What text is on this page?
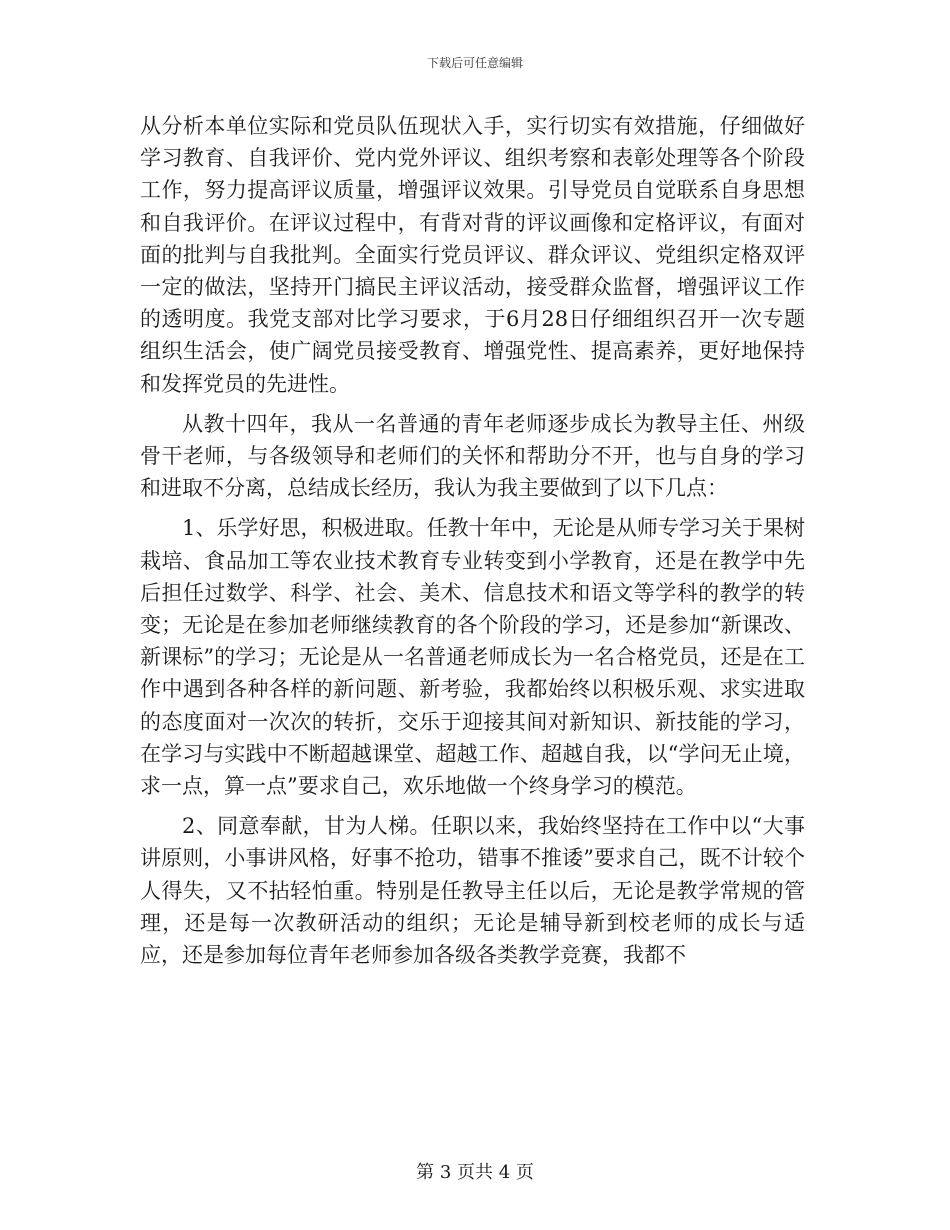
下载后可任意编辑

从分析本单位实际和党员队伍现状入手，实行切实有效措施，仔细做好学习教育、自我评价、党内党外评议、组织考察和表彰处理等各个阶段工作，努力提高评议质量，增强评议效果。引导党员自觉联系自身思想和自我评价。在评议过程中，有背对背的评议画像和定格评议，有面对面的批判与自我批判。全面实行党员评议、群众评议、党组织定格双评一定的做法，坚持开门搞民主评议活动，接受群众监督，增强评议工作的透明度。我党支部对比学习要求，于6月28日仔细组织召开一次专题组织生活会，使广阔党员接受教育、增强党性、提高素养，更好地保持和发挥党员的先进性。

从教十四年，我从一名普通的青年老师逐步成长为教导主任、州级骨干老师，与各级领导和老师们的关怀和帮助分不开，也与自身的学习和进取不分离，总结成长经历，我认为我主要做到了以下几点：

1、乐学好思，积极进取。任教十年中，无论是从师专学习关于果树栽培、食品加工等农业技术教育专业转变到小学教育，还是在教学中先后担任过数学、科学、社会、美术、信息技术和语文等学科的教学的转变；无论是在参加老师继续教育的各个阶段的学习，还是参加“新课改、新课标”的学习；无论是从一名普通老师成长为一名合格党员，还是在工作中遇到各种各样的新问题、新考验，我都始终以积极乐观、求实进取的态度面对一次次的转折，交乐于迎接其间对新知识、新技能的学习，在学习与实践中不断超越课堂、超越工作、超越自我，以“学问无止境，求一点，算一点”要求自己，欢乐地做一个终身学习的模范。

2、同意奉献，甘为人梯。任职以来，我始终坚持在工作中以“大事讲原则，小事讲风格，好事不抢功，错事不推诿”要求自己，既不计较个人得失，又不拈轻怕重。特别是任教导主任以后，无论是教学常规的管理，还是每一次教研活动的组织；无论是辅导新到校老师的成长与适应，还是参加每位青年老师参加各级各类教学竞赛，我都不

第 3 页共 4 页
